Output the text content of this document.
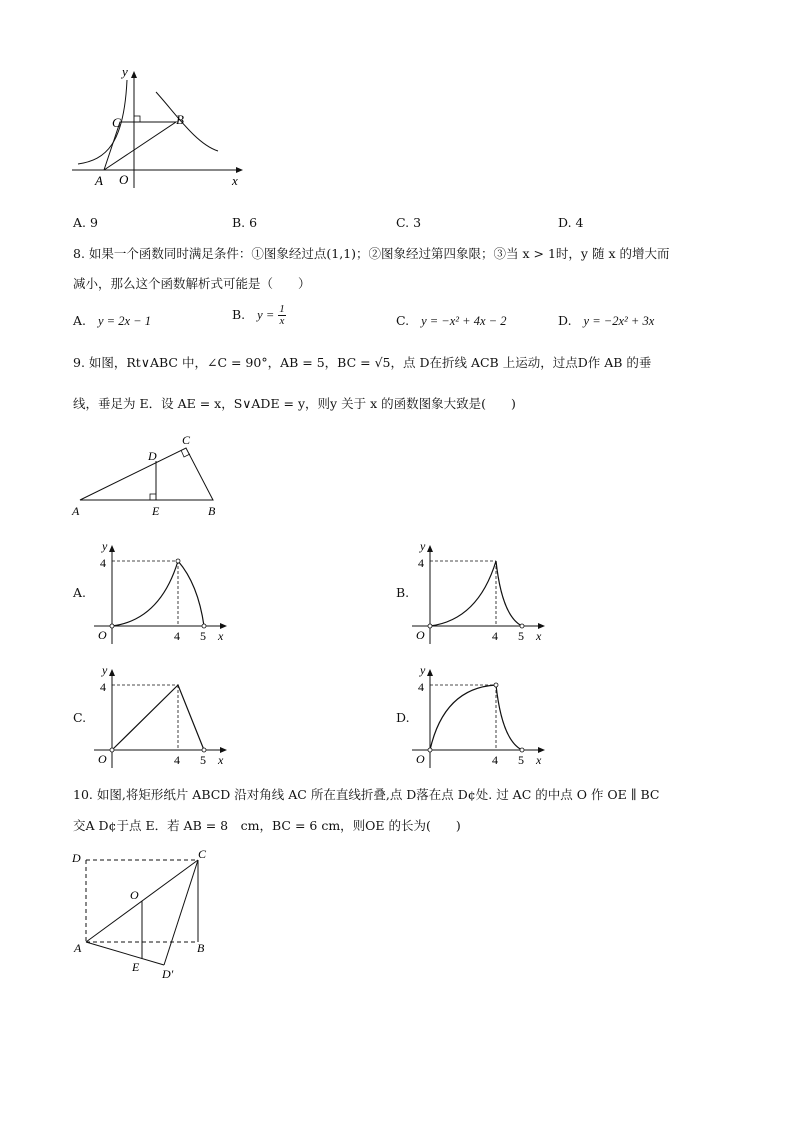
y
x
C	B
A O
A. 9	B. 6	C. 3	D. 4
8. 如果一个函数同时满足条件：①图象经过点(1,1)；②图象经过第四象限；③当 x > 1时，y 随 x 的增大而
减小，那么这个函数解析式可能是（　　）
A. y = 2x − 1	B. $y = \frac{1}{x}$	C. y = −x² + 4x − 2	D. y = −2x² + 3x
9. 如图，Rt∨ABC 中，∠C = 90°，AB = 5，BC = √5，点 D在折线 ACB 上运动，过点D作 AB 的垂
线，垂足为 E．设 AE = x，S∨ADE = y，则y 关于 x 的函数图象大致是(　　)
C
D
A	E	B
A.
y
4
O	4 5 x
B.
y
4
O	4 5 x
C.
y
4
O	4 5 x
D.
y
4
O	4 5 x
10. 如图,将矩形纸片 ABCD 沿对角线 AC 所在直线折叠,点 D落在点 D¢处. 过 AC 的中点 O 作 OE ∥ BC
交A D¢于点 E．若 AB = 8　cm，BC = 6 cm，则OE 的长为(　　)
D	C
O
A	B
E D′
